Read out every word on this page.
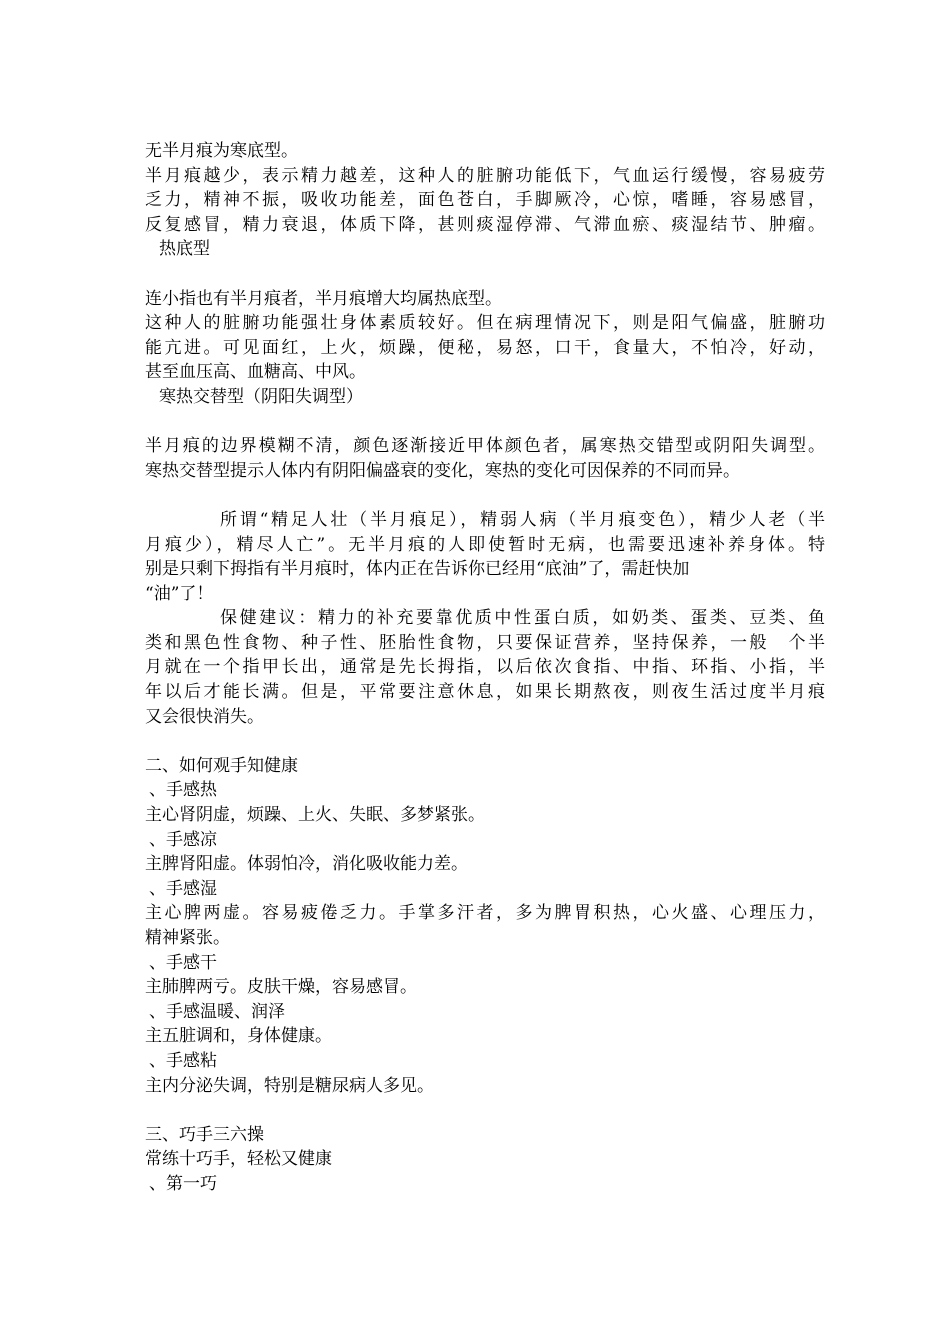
无半月痕为寒底型。
半月痕越少，表示精力越差，这种人的脏腑功能低下，气血运行缓慢，容易疲劳
乏力，精神不振，吸收功能差，面色苍白，手脚厥冷，心惊，嗜睡，容易感冒，
反复感冒，精力衰退，体质下降，甚则痰湿停滞、气滞血瘀、痰湿结节、肿瘤。
热底型
连小指也有半月痕者，半月痕增大均属热底型。
这种人的脏腑功能强壮身体素质较好。但在病理情况下，则是阳气偏盛，脏腑功
能亢进。可见面红，上火，烦躁，便秘，易怒，口干，食量大，不怕冷，好动，
甚至血压高、血糖高、中风。
寒热交替型（阴阳失调型）
半月痕的边界模糊不清，颜色逐渐接近甲体颜色者，属寒热交错型或阴阳失调型。
寒热交替型提示人体内有阴阳偏盛衰的变化，寒热的变化可因保养的不同而异。
所谓“精足人壮（半月痕足），精弱人病（半月痕变色），精少人老（半
月痕少），精尽人亡”。无半月痕的人即使暂时无病，也需要迅速补养身体。特
别是只剩下拇指有半月痕时，体内正在告诉你已经用“底油”了，需赶快加
“油”了！
保健建议：精力的补充要靠优质中性蛋白质，如奶类、蛋类、豆类、鱼
类和黑色性食物、种子性、胚胎性食物，只要保证营养，坚持保养，一般　个半
月就在一个指甲长出，通常是先长拇指，以后依次食指、中指、环指、小指，半
年以后才能长满。但是，平常要注意休息，如果长期熬夜，则夜生活过度半月痕
又会很快消失。
二、如何观手知健康
、手感热
主心肾阴虚，烦躁、上火、失眠、多梦紧张。
、手感凉
主脾肾阳虚。体弱怕冷，消化吸收能力差。
、手感湿
主心脾两虚。容易疲倦乏力。手掌多汗者，多为脾胃积热，心火盛、心理压力，
精神紧张。
、手感干
主肺脾两亏。皮肤干燥，容易感冒。
、手感温暖、润泽
主五脏调和，身体健康。
、手感粘
主内分泌失调，特别是糖尿病人多见。
三、巧手三六操
常练十巧手，轻松又健康
、第一巧
